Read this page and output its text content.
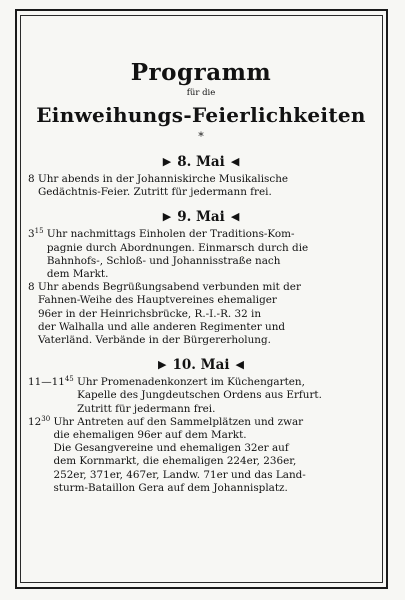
Programm
für die
Einweihungs-Feierlichkeiten
*
▶ 8. Mai ◀
8 Uhr abends in der Johanniskirche Musikalische
Gedächtnis-Feier. Zutritt für jedermann frei.
▶ 9. Mai ◀
$3^{15}$ Uhr nachmittags Einholen der Traditions-Kom-
pagnie durch Abordnungen. Einmarsch durch die
Bahnhofs-, Schloß- und Johannisstraße nach
dem Markt.
8 Uhr abends Begrüßungsabend verbunden mit der
Fahnen-Weihe des Hauptvereines ehemaliger
96er in der Heinrichsbrücke, R.-I.-R. 32 in
der Walhalla und alle anderen Regimenter und
Vaterländ. Verbände in der Bürgererholung.
▶ 10. Mai ◀
$11—11^{45}$ Uhr Promenadenkonzert im Küchengarten,
Kapelle des Jungdeutschen Ordens aus Erfurt.
Zutritt für jedermann frei.
$12^{30}$ Uhr Antreten auf den Sammelplätzen und zwar
die ehemaligen 96er auf dem Markt.
Die Gesangvereine und ehemaligen 32er auf
dem Kornmarkt, die ehemaligen 224er, 236er,
252er, 371er, 467er, Landw. 71er und das Land-
sturm-Bataillon Gera auf dem Johannisplatz.
